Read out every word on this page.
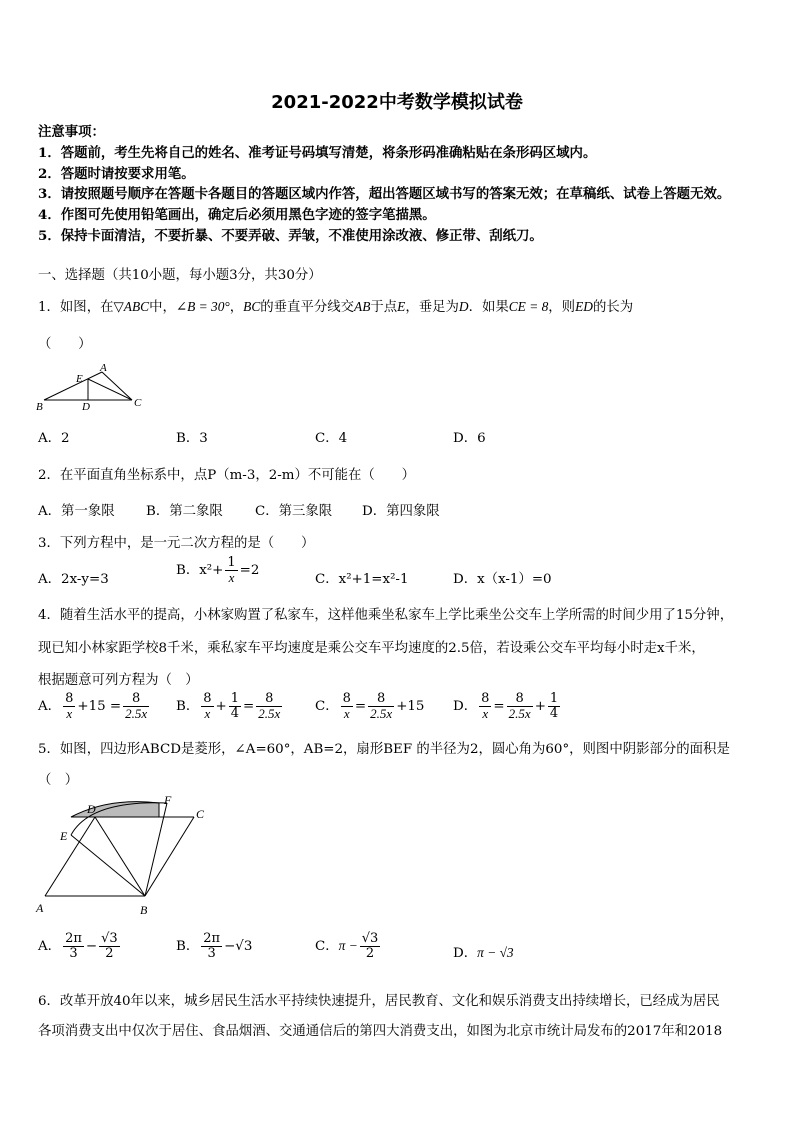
2021-2022中考数学模拟试卷
注意事项：
1．答题前，考生先将自己的姓名、准考证号码填写清楚，将条形码准确粘贴在条形码区域内。
2．答题时请按要求用笔。
3．请按照题号顺序在答题卡各题目的答题区域内作答，超出答题区域书写的答案无效；在草稿纸、试卷上答题无效。
4．作图可先使用铅笔画出，确定后必须用黑色字迹的签字笔描黑。
5．保持卡面清洁，不要折暴、不要弄破、弄皱，不准使用涂改液、修正带、刮纸刀。
一、选择题（共10小题，每小题3分，共30分）
1．如图，在▽ABC中，∠B = 30°，BC的垂直平分线交AB于点E，垂足为D．如果CE = 8，则ED的长为
（　　）
B
E
A
D	C
A．2	B．3	C．4	D．6
2．在平面直角坐标系中，点P（m-3，2-m）不可能在（　　）
A．第一象限 B．第二象限 C．第三象限 D．第四象限
3．下列方程中，是一元二次方程的是（　　）
A．2x-y=3
B．$x^2+ \frac{1}{x} =2$
C．x²+1=x²-1	D．x（x-1）=0
4．随着生活水平的提高，小林家购置了私家车，这样他乘坐私家车上学比乘坐公交车上学所需的时间少用了15分钟，
现已知小林家距学校8千米，乘私家车平均速度是乘公交车平均速度的2.5倍，若设乘公交车平均每小时走x千米，
根据题意可列方程为（　）
A． $\frac{8}{x} +15 = \frac{8}{2.5x}$ B． $\frac{8}{x} + \frac{1}{4} = \frac{8}{2.5x}$ C． $\frac{8}{x} = \frac{8}{2.5x} +15$ D． $\frac{8}{x} = \frac{8}{2.5x} + \frac{1}{4}$
5．如图，四边形ABCD是菱形，∠A=60°，AB=2，扇形BEF 的半径为2，圆心角为60°，则图中阴影部分的面积是
（　）
A	B
C
D
E
F
A． $\frac{2\pi}{3} - \frac{√3}{2}$	B． $\frac{2\pi}{3} -√3$	C．$\pi - \frac{√3}{2}$	D．π − √3
6．改革开放40年以来，城乡居民生活水平持续快速提升，居民教育、文化和娱乐消费支出持续增长，已经成为居民
各项消费支出中仅次于居住、食品烟酒、交通通信后的第四大消费支出，如图为北京市统计局发布的2017年和2018
